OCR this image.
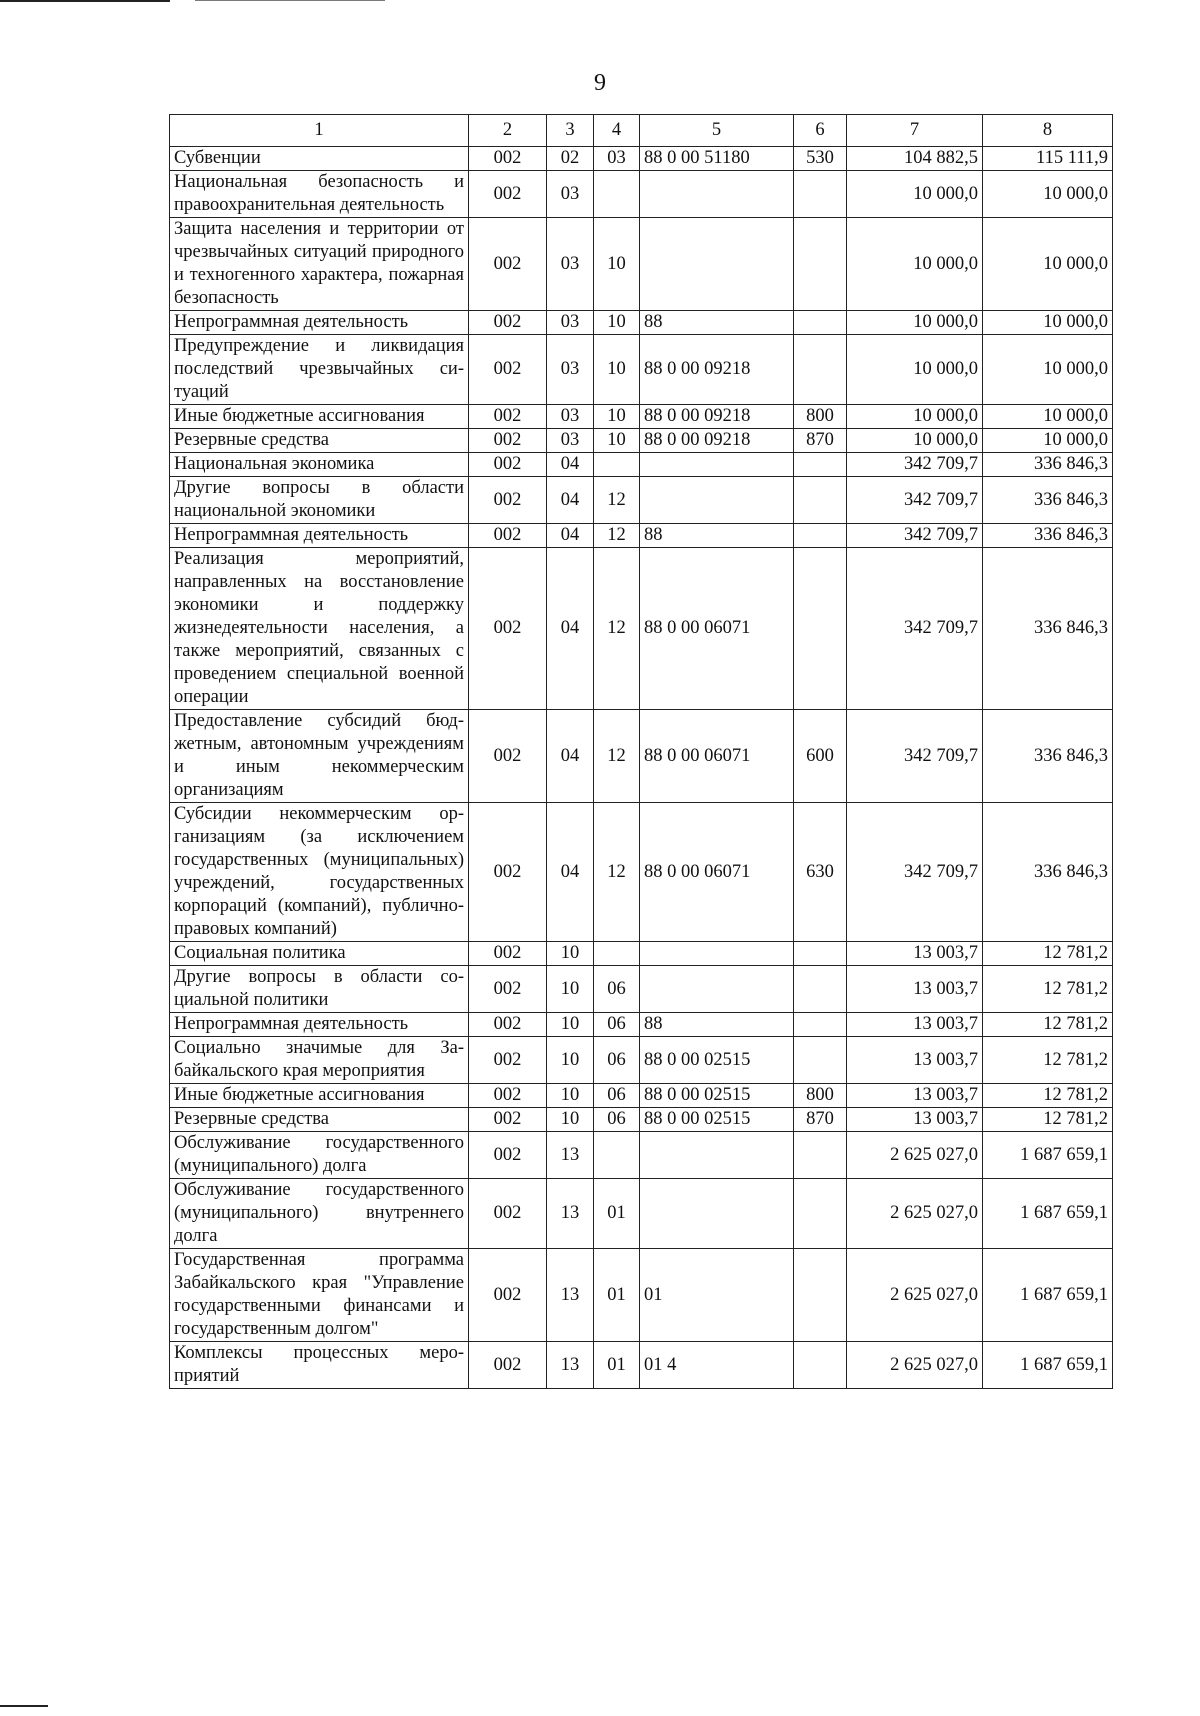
9
1	2	3	4	5	6	7	8
Субвенции	002	02	03	88 0 00 51180	530	104 882,5	115 111,9
Национальная безопасность и правоохранительная деятельность	002	03				10 000,0	10 000,0
Защита населения и территории от чрезвычайных ситуаций природного и техногенного характера, пожарная безопасность	002	03	10			10 000,0	10 000,0
Непрограммная деятельность	002	03	10	88		10 000,0	10 000,0
Предупреждение и ликвидация последствий чрезвычайных ситуаций	002	03	10	88 0 00 09218		10 000,0	10 000,0
Иные бюджетные ассигнования	002	03	10	88 0 00 09218	800	10 000,0	10 000,0
Резервные средства	002	03	10	88 0 00 09218	870	10 000,0	10 000,0
Национальная экономика	002	04				342 709,7	336 846,3
Другие вопросы в области национальной экономики	002	04	12			342 709,7	336 846,3
Непрограммная деятельность	002	04	12	88		342 709,7	336 846,3
Реализация мероприятий, направленных на восстановление экономики и поддержку жизнедеятельности населения, а также мероприятий, связанных с проведением специальной военной операции	002	04	12	88 0 00 06071		342 709,7	336 846,3
Предоставление субсидий бюджетным, автономным учреждениям и иным некоммерческим организациям	002	04	12	88 0 00 06071	600	342 709,7	336 846,3
Субсидии некоммерческим организациям (за исключением государственных (муниципальных) учреждений, государственных корпораций (компаний), публично-правовых компаний)	002	04	12	88 0 00 06071	630	342 709,7	336 846,3
Социальная политика	002	10				13 003,7	12 781,2
Другие вопросы в области социальной политики	002	10	06			13 003,7	12 781,2
Непрограммная деятельность	002	10	06	88		13 003,7	12 781,2
Социально значимые для Забайкальского края мероприятия	002	10	06	88 0 00 02515		13 003,7	12 781,2
Иные бюджетные ассигнования	002	10	06	88 0 00 02515	800	13 003,7	12 781,2
Резервные средства	002	10	06	88 0 00 02515	870	13 003,7	12 781,2
Обслуживание государственного (муниципального) долга	002	13				2 625 027,0	1 687 659,1
Обслуживание государственного (муниципального) внутреннего долга	002	13	01			2 625 027,0	1 687 659,1
Государственная программа Забайкальского края "Управление государственными финансами и государственным долгом"	002	13	01	01		2 625 027,0	1 687 659,1
Комплексы процессных мероприятий	002	13	01	01 4		2 625 027,0	1 687 659,1
